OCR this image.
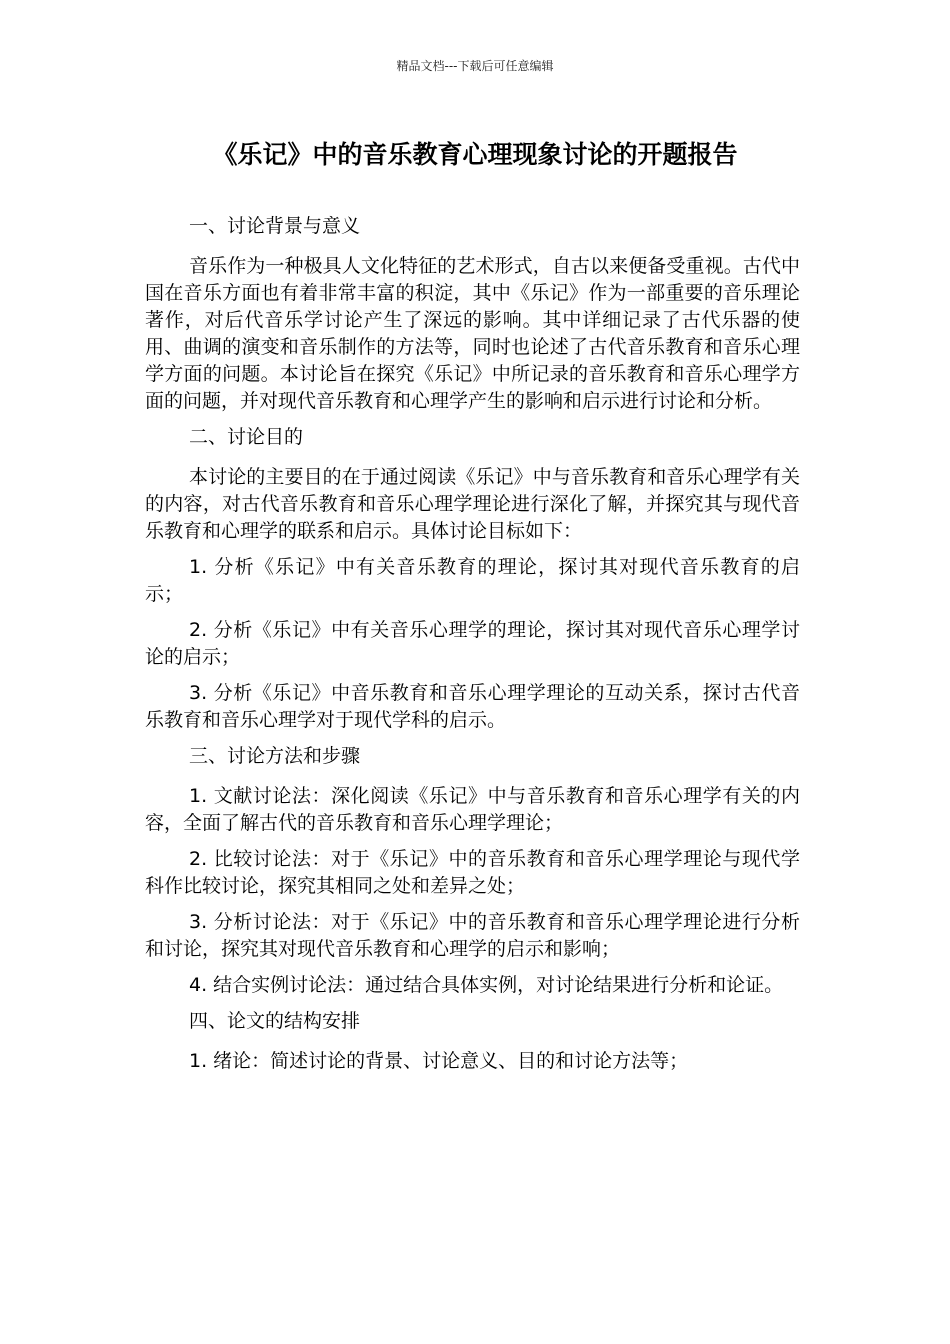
精品文档---下载后可任意编辑
《乐记》中的音乐教育心理现象讨论的开题报告

一、讨论背景与意义

音乐作为一种极具人文化特征的艺术形式，自古以来便备受重视。古代中国在音乐方面也有着非常丰富的积淀，其中《乐记》作为一部重要的音乐理论著作，对后代音乐学讨论产生了深远的影响。其中详细记录了古代乐器的使用、曲调的演变和音乐制作的方法等，同时也论述了古代音乐教育和音乐心理学方面的问题。本讨论旨在探究《乐记》中所记录的音乐教育和音乐心理学方面的问题，并对现代音乐教育和心理学产生的影响和启示进行讨论和分析。

二、讨论目的

本讨论的主要目的在于通过阅读《乐记》中与音乐教育和音乐心理学有关的内容，对古代音乐教育和音乐心理学理论进行深化了解，并探究其与现代音乐教育和心理学的联系和启示。具体讨论目标如下：

1. 分析《乐记》中有关音乐教育的理论，探讨其对现代音乐教育的启示；

2. 分析《乐记》中有关音乐心理学的理论，探讨其对现代音乐心理学讨论的启示；

3. 分析《乐记》中音乐教育和音乐心理学理论的互动关系，探讨古代音乐教育和音乐心理学对于现代学科的启示。

三、讨论方法和步骤

1. 文献讨论法：深化阅读《乐记》中与音乐教育和音乐心理学有关的内容，全面了解古代的音乐教育和音乐心理学理论；

2. 比较讨论法：对于《乐记》中的音乐教育和音乐心理学理论与现代学科作比较讨论，探究其相同之处和差异之处；

3. 分析讨论法：对于《乐记》中的音乐教育和音乐心理学理论进行分析和讨论，探究其对现代音乐教育和心理学的启示和影响；

4. 结合实例讨论法：通过结合具体实例，对讨论结果进行分析和论证。

四、论文的结构安排

1. 绪论：简述讨论的背景、讨论意义、目的和讨论方法等；
